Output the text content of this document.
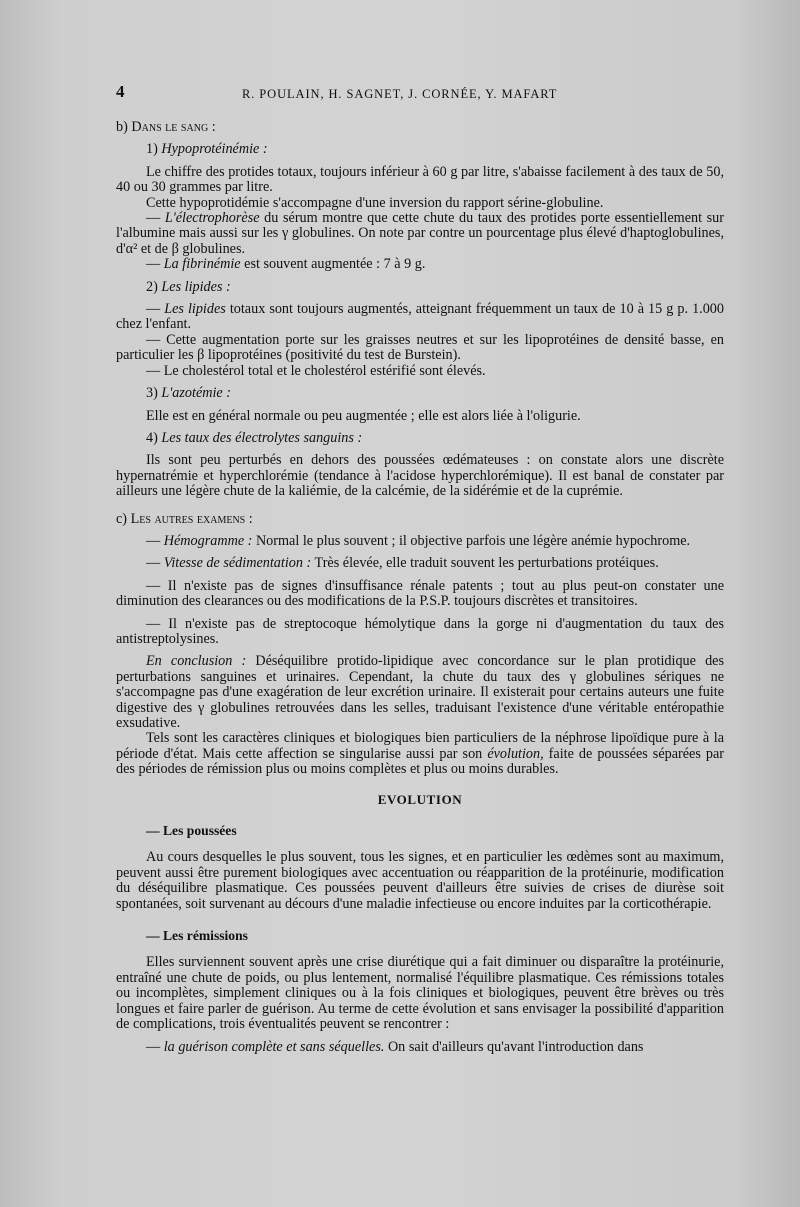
4	R. POULAIN, H. SAGNET, J. CORNÉE, Y. MAFART

b) Dans le sang :

1) Hypoprotéinémie :

Le chiffre des protides totaux, toujours inférieur à 60 g par litre, s'abaisse facilement à des taux de 50, 40 ou 30 grammes par litre.

Cette hypoprotidémie s'accompagne d'une inversion du rapport sérine-globuline.

— L'électrophorèse du sérum montre que cette chute du taux des protides porte essentiellement sur l'albumine mais aussi sur les γ globulines. On note par contre un pourcentage plus élevé d'haptoglobulines, d'α² et de β globulines.

— La fibrinémie est souvent augmentée : 7 à 9 g.

2) Les lipides :

— Les lipides totaux sont toujours augmentés, atteignant fréquemment un taux de 10 à 15 g p. 1.000 chez l'enfant.

— Cette augmentation porte sur les graisses neutres et sur les lipoprotéines de densité basse, en particulier les β lipoprotéines (positivité du test de Burstein).

— Le cholestérol total et le cholestérol estérifié sont élevés.

3) L'azotémie :

Elle est en général normale ou peu augmentée ; elle est alors liée à l'oligurie.

4) Les taux des électrolytes sanguins :

Ils sont peu perturbés en dehors des poussées œdémateuses : on constate alors une discrète hypernatrémie et hyperchlorémie (tendance à l'acidose hyperchlorémique). Il est banal de constater par ailleurs une légère chute de la kaliémie, de la calcémie, de la sidérémie et de la cuprémie.

c) Les autres examens :

— Hémogramme : Normal le plus souvent ; il objective parfois une légère anémie hypochrome.

— Vitesse de sédimentation : Très élevée, elle traduit souvent les perturbations protéiques.

— Il n'existe pas de signes d'insuffisance rénale patents ; tout au plus peut-on constater une diminution des clearances ou des modifications de la P.S.P. toujours discrètes et transitoires.

— Il n'existe pas de streptocoque hémolytique dans la gorge ni d'augmentation du taux des antistreptolysines.

En conclusion : Déséquilibre protido-lipidique avec concordance sur le plan protidique des perturbations sanguines et urinaires. Cependant, la chute du taux des γ globulines sériques ne s'accompagne pas d'une exagération de leur excrétion urinaire. Il existerait pour certains auteurs une fuite digestive des γ globulines retrouvées dans les selles, traduisant l'existence d'une véritable entéropathie exsudative.

Tels sont les caractères cliniques et biologiques bien particuliers de la néphrose lipoïdique pure à la période d'état. Mais cette affection se singularise aussi par son évolution, faite de poussées séparées par des périodes de rémission plus ou moins complètes et plus ou moins durables.

EVOLUTION

— Les poussées

Au cours desquelles le plus souvent, tous les signes, et en particulier les œdèmes sont au maximum, peuvent aussi être purement biologiques avec accentuation ou réapparition de la protéinurie, modification du déséquilibre plasmatique. Ces poussées peuvent d'ailleurs être suivies de crises de diurèse soit spontanées, soit survenant au décours d'une maladie infectieuse ou encore induites par la corticothérapie.

— Les rémissions

Elles surviennent souvent après une crise diurétique qui a fait diminuer ou disparaître la protéinurie, entraîné une chute de poids, ou plus lentement, normalisé l'équilibre plasmatique. Ces rémissions totales ou incomplètes, simplement cliniques ou à la fois cliniques et biologiques, peuvent être brèves ou très longues et faire parler de guérison. Au terme de cette évolution et sans envisager la possibilité d'apparition de complications, trois éventualités peuvent se rencontrer :

— la guérison complète et sans séquelles. On sait d'ailleurs qu'avant l'introduction dans
